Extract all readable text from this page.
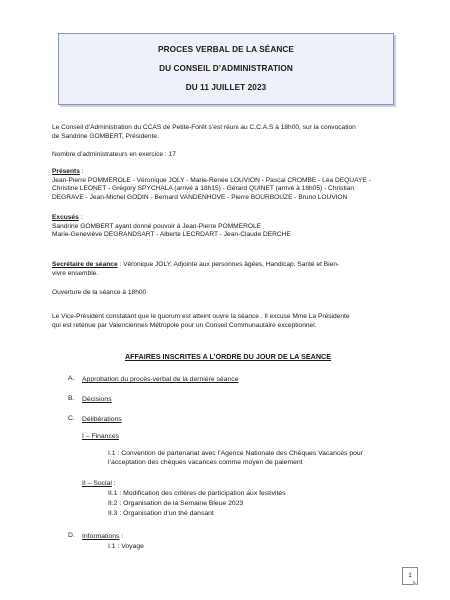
PROCES VERBAL DE LA SÉANCE
DU CONSEIL D’ADMINISTRATION
DU 11 JUILLET 2023
Le Conseil d’Administration du CCAS de Petite-Forêt s’est réuni au C.C.A.S à 18h00, sur la convocation
de Sandrine GOMBERT, Présidente.
Nombre d’administrateurs en exercice : 17
Présents :
Jean-Pierre POMMEROLE - Véronique JOLY - Marie-Renée LOUVION - Pascal CROMBE - Léa DEQUAYE -
Christine LEONET - Grégory SPYCHALA (arrivé à 18h15) - Gérard QUINET (arrivé à 18h05) - Christian
DEGRAVE - Jean-Michel GODIN - Bernard VANDENHOVE - Pierre BOURBOUZE - Bruno LOUVION
Excusés :
Sandrine GOMBERT ayant donné pouvoir à Jean-Pierre POMMEROLE
Marie-Geneviève DEGRANDSART - Alberte LECRDART - Jean-Claude DERCHE
Secrétaire de séance : Véronique JOLY, Adjointe aux personnes âgées, Handicap, Santé et Bien-
vivre ensemble.
Ouverture de la séance à 18h00
Le Vice-Président constatant que le quorum est atteint ouvre la séance . Il excuse Mme La Présidente
qui est retenue par Valenciennes Métropole pour un Conseil Communautaire exceptionnel.
AFFAIRES INSCRITES A L’ORDRE DU JOUR DE LA SEANCE
A. Approbation du procès-verbal de la dernière séance
B. Décisions
C. Délibérations
I – Finances
I.1 : Convention de partenariat avec l’Agence Nationale des Chèques Vacances pour
l’acceptation des chèques vacances comme moyen de paiement
II – Social :
II.1 : Modification des critères de participation aux festivités
II.2 : Organisation de la Semaine Bleue 2023
II.3 : Organisation d’un thé dansant
D. Informations :
I.1 : Voyage
1
